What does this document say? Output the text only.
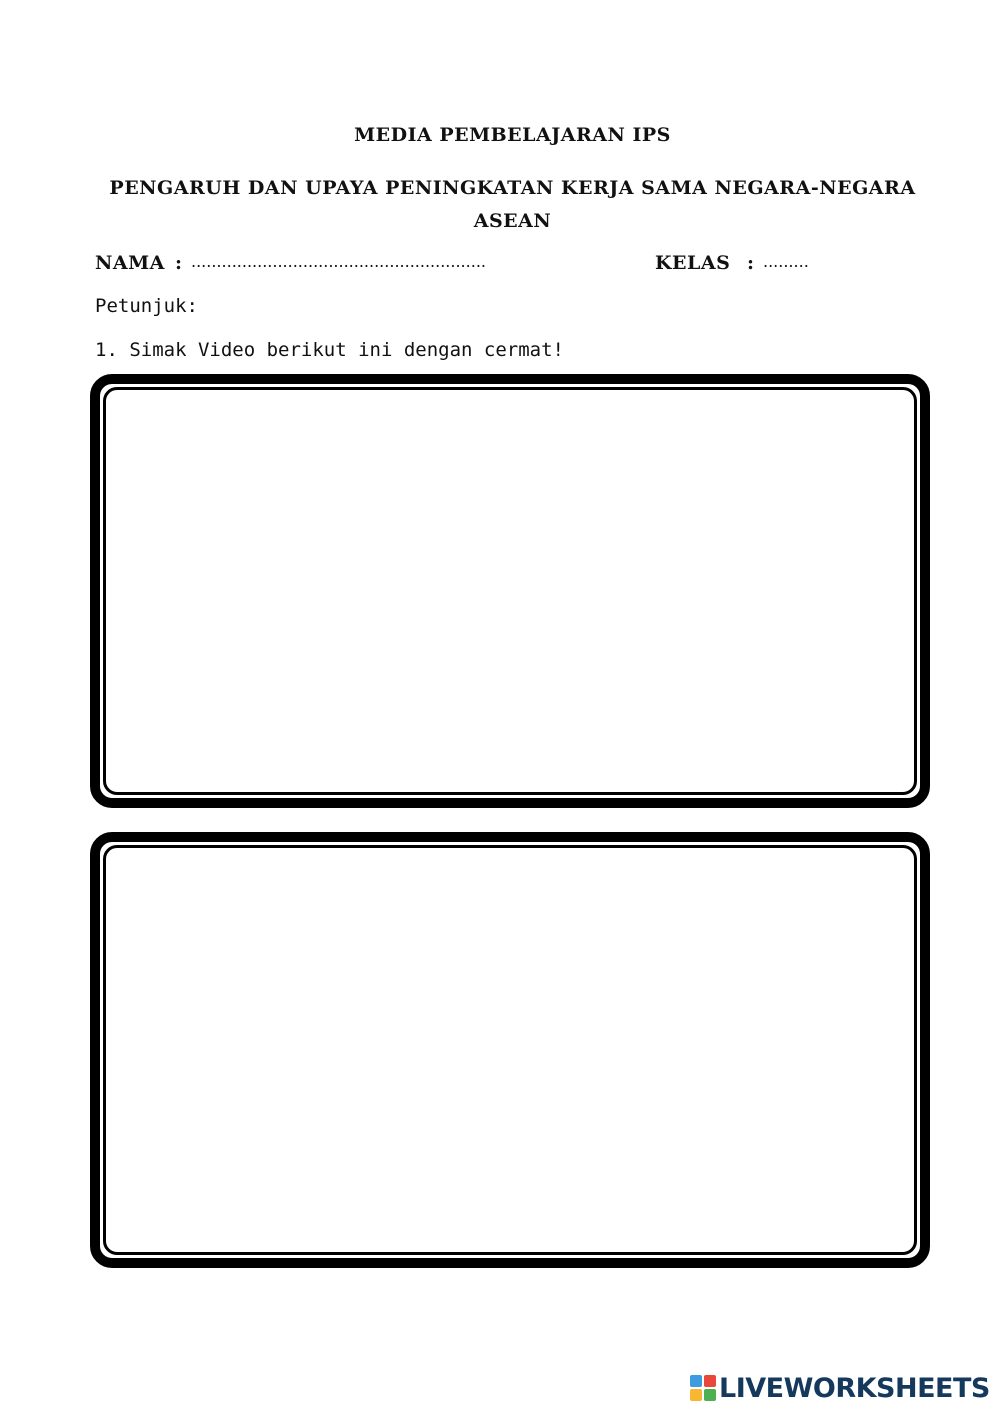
MEDIA PEMBELAJARAN IPS
PENGARUH DAN UPAYA PENINGKATAN KERJA SAMA NEGARA-NEGARA
ASEAN
NAMA : ..........................................................	KELAS : .........
Petunjuk:
1. Simak Video berikut ini dengan cermat!
LIVEWORKSHEETS
